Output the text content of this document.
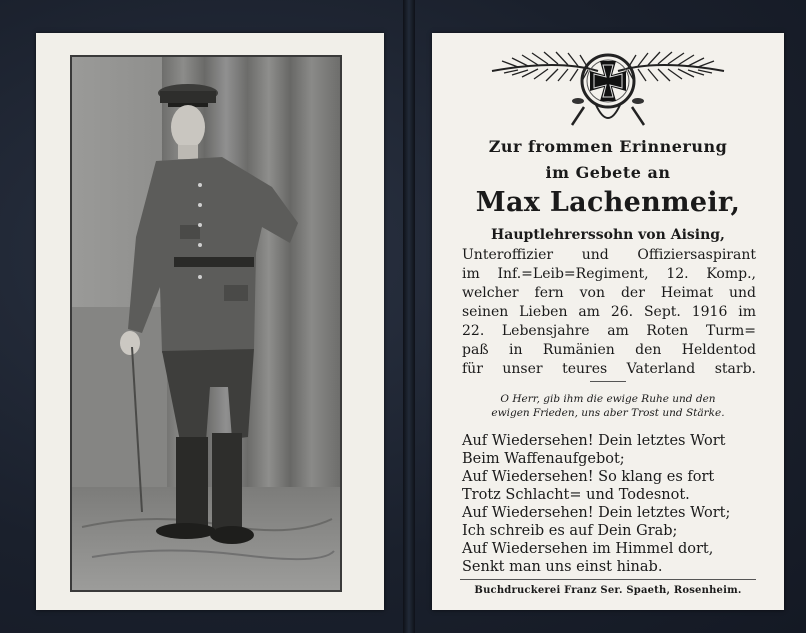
Zur frommen Erinnerung
im Gebete an
Max Lachenmeir,
Hauptlehrerssohn von Aising,
Unteroffizier und Offiziersaspirant
im Inf.=Leib=Regiment, 12. Komp.,
welcher fern von der Heimat und
seinen Lieben am 26. Sept. 1916 im
22. Lebensjahre am Roten Turm=
paß in Rumänien den Heldentod
für unser teures Vaterland starb.
O Herr, gib ihm die ewige Ruhe und den
ewigen Frieden, uns aber Trost und Stärke.
Auf Wiedersehen! Dein letztes Wort
Beim Waffenaufgebot;
Auf Wiedersehen! So klang es fort
Trotz Schlacht= und Todesnot.
Auf Wiedersehen! Dein letztes Wort;
Ich schreib es auf Dein Grab;
Auf Wiedersehen im Himmel dort,
Senkt man uns einst hinab.
Buchdruckerei Franz Ser. Spaeth, Rosenheim.
